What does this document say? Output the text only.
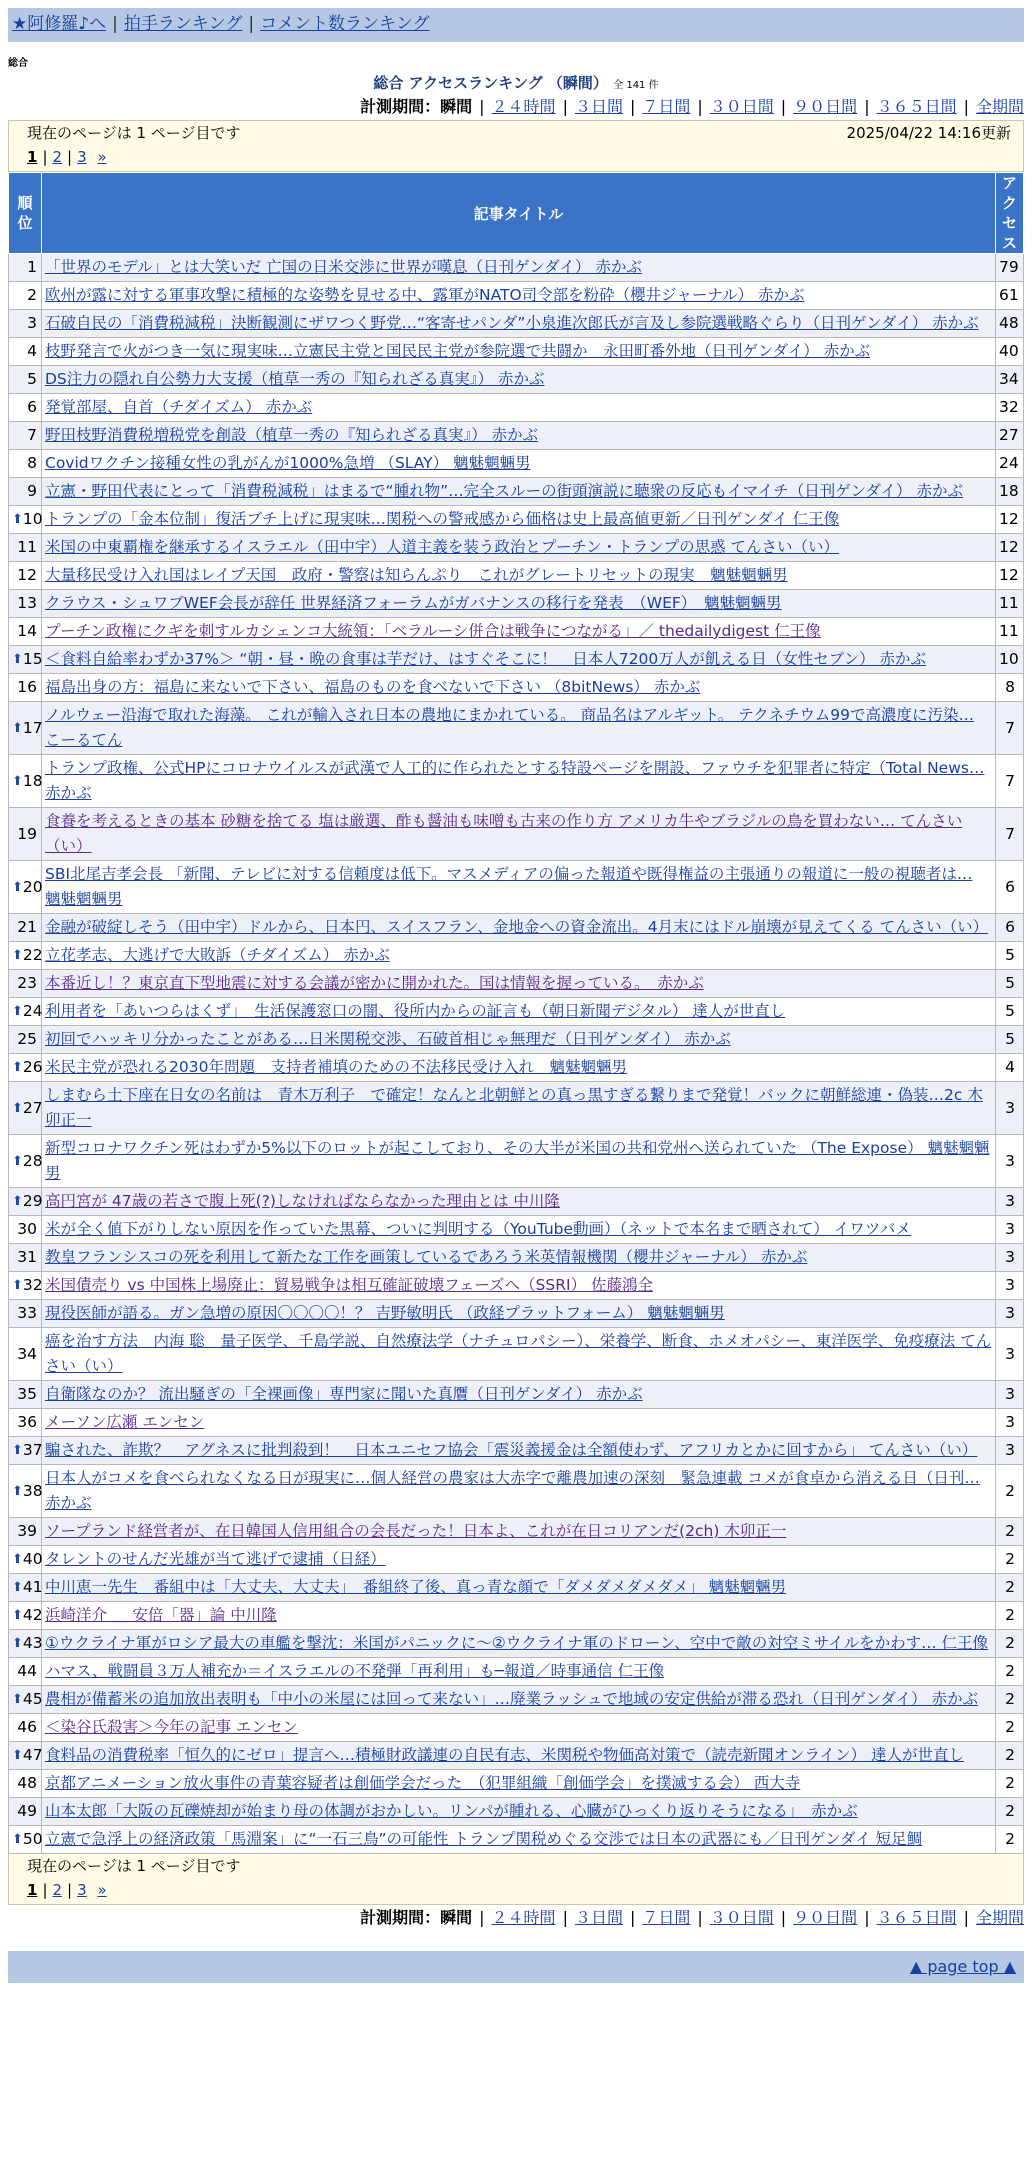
★阿修羅♪へ | 拍手ランキング | コメント数ランキング
総合
総合 アクセスランキング （瞬間） 全 141 件
計測期間：瞬間 | ２４時間 | ３日間 | ７日間 | ３０日間 | ９０日間 | ３６５日間 | 全期間
現在のページは 1 ページ目です	2025/04/22 14:16更新
1 | 2 | 3 »
順位	記事タイトル	アクセス
1	「世界のモデル」とは大笑いだ 亡国の日米交渉に世界が嘆息（日刊ゲンダイ） 赤かぶ	79
2	欧州が露に対する軍事攻撃に積極的な姿勢を見せる中、露軍がNATO司令部を粉砕（櫻井ジャーナル） 赤かぶ	61
3	石破自民の「消費税減税」決断観測にザワつく野党…“客寄せパンダ”小泉進次郎氏が言及し参院選戦略ぐらり（日刊ゲンダイ） 赤かぶ	48
4	枝野発言で火がつき一気に現実味…立憲民主党と国民民主党が参院選で共闘か　永田町番外地（日刊ゲンダイ） 赤かぶ	40
5	DS注力の隠れ自公勢力大支援（植草一秀の『知られざる真実』） 赤かぶ	34
6	発覚部屋、自首（チダイズム） 赤かぶ	32
7	野田枝野消費税増税党を創設（植草一秀の『知られざる真実』） 赤かぶ	27
8	Covidワクチン接種女性の乳がんが1000%急増 （SLAY） 魑魅魍魎男	24
9	立憲・野田代表にとって「消費税減税」はまるで“腫れ物”…完全スルーの街頭演説に聴衆の反応もイマイチ（日刊ゲンダイ） 赤かぶ	18

⬆ 10	トランプの「金本位制」復活ブチ上げに現実味…関税への警戒感から価格は史上最高値更新／日刊ゲンダイ 仁王像	12
11	米国の中東覇権を継承するイスラエル（田中宇）人道主義を装う政治とプーチン・トランプの思惑 てんさい（い）	12
12	大量移民受け入れ国はレイプ天国　政府・警察は知らんぷり　これがグレートリセットの現実　魑魅魍魎男	12
13	クラウス・シュワブWEF会長が辞任 世界経済フォーラムがガバナンスの移行を発表　（WEF）　魑魅魍魎男	11
14	プーチン政権にクギを刺すルカシェンコ大統領：「ベラルーシ併合は戦争につながる」／ thedailydigest 仁王像	11

⬆ 15	＜食料自給率わずか37%＞ “朝・昼・晩の食事は芋だけ、はすぐそこに！　日本人7200万人が飢える日（女性セブン） 赤かぶ	10
16	福島出身の方：福島に来ないで下さい、福島のものを食べないで下さい （8bitNews） 赤かぶ	8

⬆ 17	ノルウェー沿海で取れた海藻。 これが輸入され日本の農地にまかれている。 商品名はアルギット。 テクネチウム99で高濃度に汚染… こーるてん	7

⬆ 18	トランプ政権、公式HPにコロナウイルスが武漢で人工的に作られたとする特設ページを開設、ファウチを犯罪者に特定（Total News… 赤かぶ	7
19	食養を考えるときの基本 砂糖を捨てる 塩は厳選、酢も醤油も味噌も古来の作り方 アメリカ牛やブラジルの鳥を買わない… てんさい（い）	7

⬆ 20	SBI北尾吉孝会長 「新聞、テレビに対する信頼度は低下。マスメディアの偏った報道や既得権益の主張通りの報道に一般の視聴者は… 魑魅魍魎男	6
21	金融が破綻しそう（田中宇）ドルから、日本円、スイスフラン、金地金への資金流出。4月末にはドル崩壊が見えてくる てんさい（い）	6

⬆ 22	立花孝志、大逃げで大敗訴（チダイズム） 赤かぶ	5
23	本番近し！？東京直下型地震に対する会議が密かに開かれた。国は情報を握っている。　赤かぶ	5

⬆ 24	利用者を「あいつらはくず」　生活保護窓口の闇、役所内からの証言も（朝日新聞デジタル） 達人が世直し	5
25	初回でハッキリ分かったことがある…日米関税交渉、石破首相じゃ無理だ（日刊ゲンダイ） 赤かぶ	5

⬆ 26	米民主党が恐れる2030年問題　支持者補填のための不法移民受け入れ　魑魅魍魎男	4

⬆ 27	しまむら土下座在日女の名前は　青木万利子　で確定！なんと北朝鮮との真っ黒すぎる繋りまで発覚！バックに朝鮮総連・偽装…2c 木卯正一	3

⬆ 28	新型コロナワクチン死はわずか5%以下のロットが起こしており、その大半が米国の共和党州へ送られていた （The Expose） 魑魅魍魎男	3

⬆ 29	高円宮が 47歳の若さで腹上死(?)しなければならなかった理由とは 中川隆	3
30	米が全く値下がりしない原因を作っていた黒幕、ついに判明する（YouTube動画）（ネットで本名まで晒されて） イワツバメ	3
31	教皇フランシスコの死を利用して新たな工作を画策しているであろう米英情報機関（櫻井ジャーナル） 赤かぶ	3

⬆ 32	米国債売り vs 中国株上場廃止：貿易戦争は相互確証破壊フェーズへ（SSRI） 佐藤鴻全	3
33	現役医師が語る。ガン急増の原因〇〇〇〇！？ 吉野敏明氏 （政経プラットフォーム） 魑魅魍魎男	3
34	癌を治す方法　内海 聡　量子医学、千島学説、自然療法学（ナチュロパシー）、栄養学、断食、ホメオパシー、東洋医学、免疫療法 てんさい（い）	3
35	自衛隊なのか？ 流出騒ぎの「全裸画像」専門家に聞いた真贋（日刊ゲンダイ） 赤かぶ	3
36	メーソン広瀬 エンセン	3

⬆ 37	騙された、詐欺？　アグネスに批判殺到！　日本ユニセフ協会「震災義援金は全額使わず、アフリカとかに回すから」 てんさい（い）	3

⬆ 38	日本人がコメを食べられなくなる日が現実に…個人経営の農家は大赤字で離農加速の深刻　緊急連載 コメが食卓から消える日（日刊… 赤かぶ	2
39	ソープランド経営者が、在日韓国人信用組合の会長だった！日本よ、これが在日コリアンだ(2ch) 木卯正一	2

⬆ 40	タレントのせんだ光雄が当て逃げで逮捕（日経）	2

⬆ 41	中川恵一先生　番組中は「大丈夫、大丈夫」　番組終了後、真っ青な顔で「ダメダメダメダメ」 魑魅魍魎男	2

⬆ 42	浜崎洋介 ＿ 安倍「器」論 中川隆	2

⬆ 43	①ウクライナ軍がロシア最大の車艦を撃沈：米国がパニックに〜②ウクライナ軍のドローン、空中で敵の対空ミサイルをかわす… 仁王像	2
44	ハマス、戦闘員３万人補充か＝イスラエルの不発弾「再利用」も─報道／時事通信 仁王像	2

⬆ 45	農相が備蓄米の追加放出表明も「中小の米屋には回って来ない」…廃業ラッシュで地域の安定供給が滞る恐れ（日刊ゲンダイ） 赤かぶ	2
46	＜染谷氏殺害＞今年の記事 エンセン	2

⬆ 47	食料品の消費税率「恒久的にゼロ」提言へ…積極財政議連の自民有志、米関税や物価高対策で（読売新聞オンライン） 達人が世直し	2
48	京都アニメーション放火事件の青葉容疑者は創価学会だった　（犯罪組織「創価学会」を撲滅する会） 西大寺	2
49	山本太郎「大阪の瓦礫焼却が始まり母の体調がおかしい。リンパが腫れる、心臓がひっくり返りそうになる」　赤かぶ	2

⬆ 50	立憲で急浮上の経済政策「馬淵案」に“一石三鳥”の可能性 トランプ関税めぐる交渉では日本の武器にも／日刊ゲンダイ 短足鯛	2
現在のページは 1 ページ目です
1 | 2 | 3 »
計測期間：瞬間 | ２４時間 | ３日間 | ７日間 | ３０日間 | ９０日間 | ３６５日間 | 全期間
▲ page top ▲
